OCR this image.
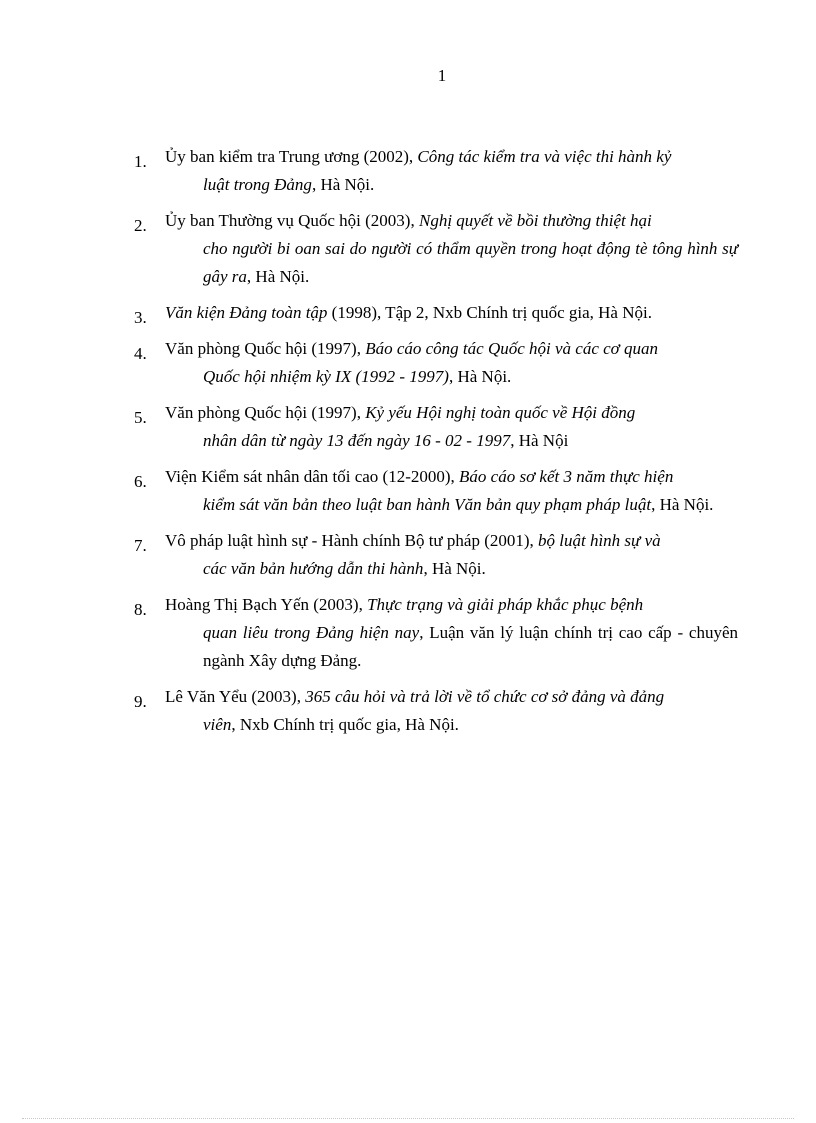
1
1.	Ủy ban kiểm tra Trung ương (2002), Công tác kiểm tra và việc thi hành kỷ
luật trong Đảng, Hà Nội.
2.	Ủy ban Thường vụ Quốc hội (2003), Nghị quyết về bồi thường thiệt hại
cho người bi oan sai do người có thẩm quyền trong hoạt động tè tông hình sự gây ra, Hà Nội.
3.	Văn kiện Đảng toàn tập (1998), Tập 2, Nxb Chính trị quốc gia, Hà Nội.
4.	Văn phòng Quốc hội (1997), Báo cáo công tác Quốc hội và các cơ quan
Quốc hội nhiệm kỳ IX (1992 - 1997), Hà Nội.
5.	Văn phòng Quốc hội (1997), Kỷ yếu Hội nghị toàn quốc về Hội đồng
nhân dân từ ngày 13 đến ngày 16 - 02 - 1997, Hà Nội
6.	Viện Kiểm sát nhân dân tối cao (12-2000), Báo cáo sơ kết 3 năm thực hiện
kiểm sát văn bản theo luật ban hành Văn bản quy phạm pháp luật, Hà Nội.
7.	Vô pháp luật hình sự - Hành chính Bộ tư pháp (2001), bộ luật hình sự và
các văn bản hướng dẫn thi hành, Hà Nội.
8.	Hoàng Thị Bạch Yến (2003), Thực trạng và giải pháp khắc phục bệnh
quan liêu trong Đảng hiện nay, Luận văn lý luận chính trị cao cấp - chuyên ngành Xây dựng Đảng.
9.	Lê Văn Yểu (2003), 365 câu hỏi và trả lời về tổ chức cơ sở đảng và đảng
viên, Nxb Chính trị quốc gia, Hà Nội.
